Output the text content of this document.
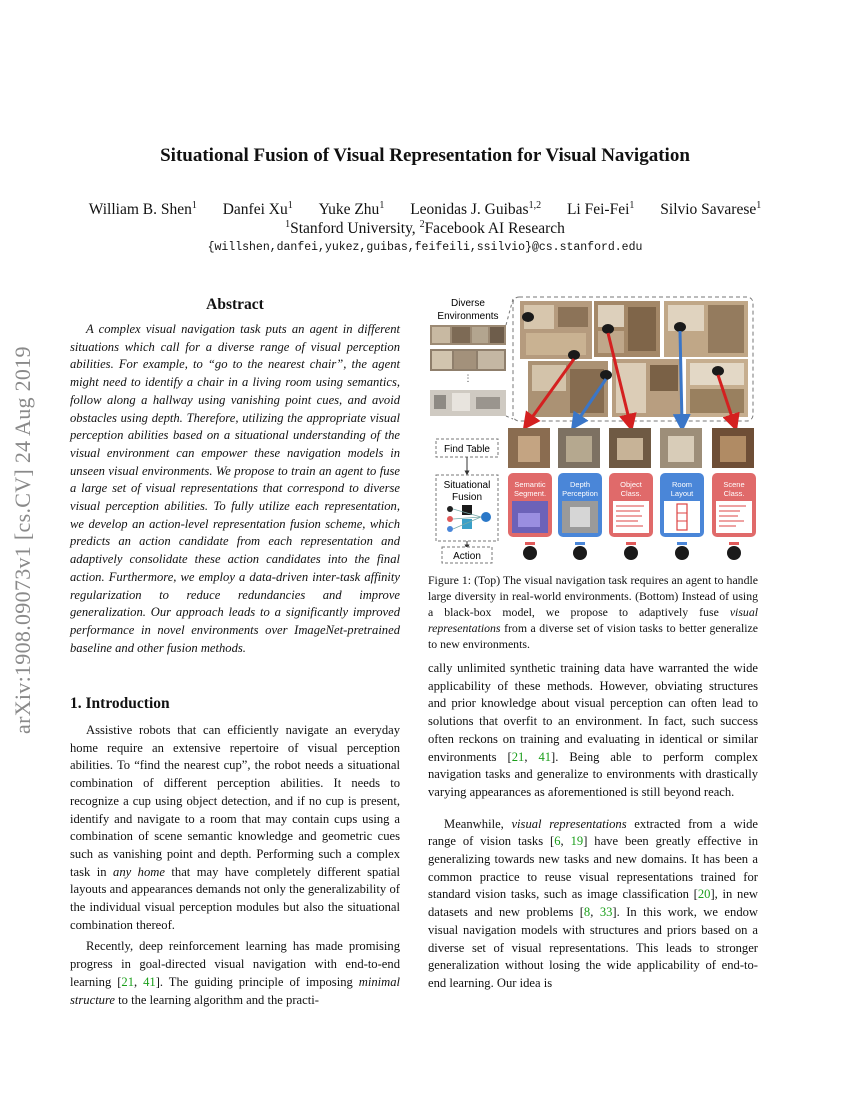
Situational Fusion of Visual Representation for Visual Navigation
William B. Shen$^1$ Danfei Xu$^1$ Yuke Zhu$^1$ Leonidas J. Guibas$^{1,2}$ Li Fei-Fei$^1$ Silvio Savarese$^1$
$^1$Stanford University, $^2$Facebook AI Research
{willshen,danfei,yukez,guibas,feifeili,ssilvio}@cs.stanford.edu
arXiv:1908.09073v1 [cs.CV] 24 Aug 2019
Abstract

A complex visual navigation task puts an agent in different situations which call for a diverse range of visual perception abilities. For example, to “go to the nearest chair”, the agent might need to identify a chair in a living room using semantics, follow along a hallway using vanishing point cues, and avoid obstacles using depth. Therefore, utilizing the appropriate visual perception abilities based on a situational understanding of the visual environment can empower these navigation models in unseen visual environments. We propose to train an agent to fuse a large set of visual representations that correspond to diverse visual perception abilities. To fully utilize each representation, we develop an action-level representation fusion scheme, which predicts an action candidate from each representation and adaptively consolidate these action candidates into the final action. Furthermore, we employ a data-driven inter-task affinity regularization to reduce redundancies and improve generalization. Our approach leads to a significantly improved performance in novel environments over ImageNet-pretrained baseline and other fusion methods.

1. Introduction

Assistive robots that can efficiently navigate an everyday home require an extensive repertoire of visual perception abilities. To “find the nearest cup”, the robot needs a situational combination of different perception abilities. It needs to recognize a cup using object detection, and if no cup is present, identify and navigate to a room that may contain cups using a combination of scene semantic knowledge and geometric cues such as vanishing point and depth. Performing such a complex task in any home that may have completely different spatial layouts and appearances demands not only the generalizability of the individual visual perception modules but also the situational combination thereof.

Recently, deep reinforcement learning has made promising progress in goal-directed visual navigation with end-to-end learning [21, 41]. The guiding principle of imposing minimal structure to the learning algorithm and the practi-

Diverse
Environments
⋮
Find Table
Situational
Fusion
Action
Semantic
Segment.
Depth
Perception
Object
Class.
Room
Layout
Scene
Class.
Figure 1: (Top) The visual navigation task requires an agent to handle large diversity in real-world environments. (Bottom) Instead of using a black-box model, we propose to adaptively fuse visual representations from a diverse set of vision tasks to better generalize to new environments.

cally unlimited synthetic training data have warranted the wide applicability of these methods. However, obviating structures and prior knowledge about visual perception can often lead to solutions that overfit to an environment. In fact, such success often reckons on training and evaluating in identical or similar environments [21, 41]. Being able to perform complex navigation tasks and generalize to environments with drastically varying appearances as aforementioned is still beyond reach.

Meanwhile, visual representations extracted from a wide range of vision tasks [6, 19] have been greatly effective in generalizing towards new tasks and new domains. It has been a common practice to reuse visual representations trained for standard vision tasks, such as image classification [20], in new datasets and new problems [8, 33]. In this work, we endow visual navigation models with structures and priors based on a diverse set of visual representations. This leads to stronger generalization without losing the wide applicability of end-to-end learning. Our idea is
